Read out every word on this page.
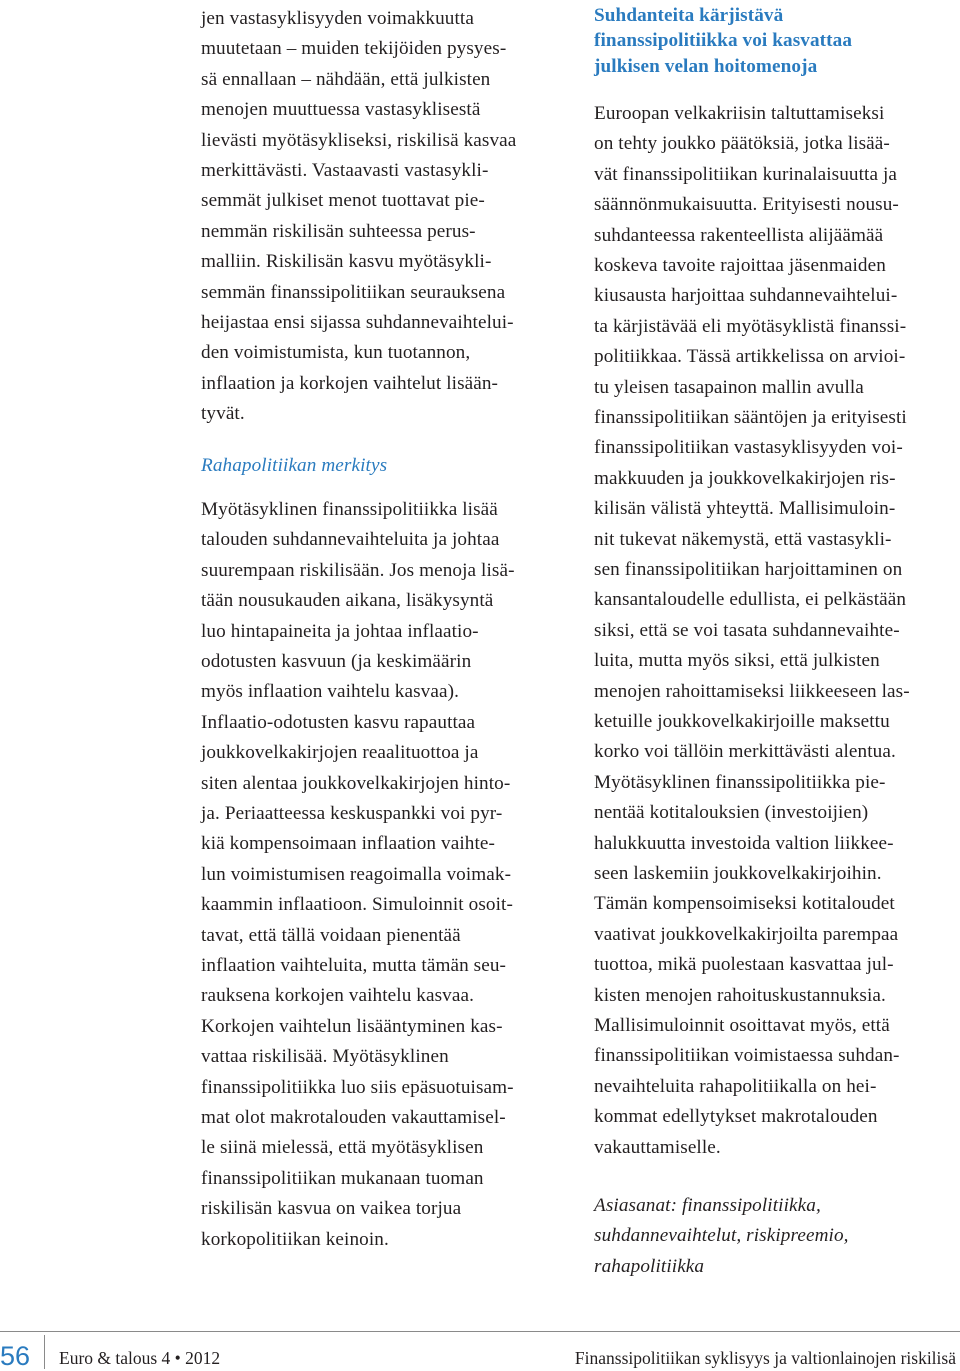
jen vastasyklisyyden voimakkuutta
muutetaan – muiden tekijöiden pysyes-
sä ennallaan – nähdään, että julkisten
menojen muuttuessa vastasyklisestä
lievästi myötäsykliseksi, riskilisä kasvaa
merkittävästi. Vastaavasti vastasykli-
semmät julkiset menot tuottavat pie-
nemmän riskilisän suhteessa perus-
malliin. Riskilisän kasvu myötäsykli-
semmän finanssipolitiikan seurauksena
heijastaa ensi sijassa suhdannevaihtelui-
den voimistumista, kun tuotannon,
inflaation ja korkojen vaihtelut lisään-
tyvät.
Rahapolitiikan merkitys
Myötäsyklinen finanssipolitiikka lisää
talouden suhdannevaihteluita ja johtaa
suurempaan riskilisään. Jos menoja lisä-
tään nousukauden aikana, lisäkysyntä
luo hintapaineita ja johtaa inflaatio-
odotusten kasvuun (ja keskimäärin
myös inflaation vaihtelu kasvaa).
Inflaatio-odotusten kasvu rapauttaa
joukkovelkakirjojen reaalituottoa ja
siten alentaa joukkovelkakirjojen hinto-
ja. Periaatteessa keskuspankki voi pyr-
kiä kompensoimaan inflaation vaihte-
lun voimistumisen reagoimalla voimak-
kaammin inflaatioon. Simuloinnit osoit-
tavat, että tällä voidaan pienentää
inflaation vaihteluita, mutta tämän seu-
rauksena korkojen vaihtelu kasvaa.
Korkojen vaihtelun lisääntyminen kas-
vattaa riskilisää. Myötäsyklinen
finanssipolitiikka luo siis epäsuotuisam-
mat olot makrotalouden vakauttamisel-
le siinä mielessä, että myötäsyklisen
finanssipolitiikan mukanaan tuoman
riskilisän kasvua on vaikea torjua
korkopolitiikan keinoin.
Suhdanteita kärjistävä
finanssipolitiikka voi kasvattaa
julkisen velan hoitomenoja
Euroopan velkakriisin taltuttamiseksi
on tehty joukko päätöksiä, jotka lisää-
vät finanssipolitiikan kurinalaisuutta ja
säännönmukaisuutta. Erityisesti nousu-
suhdanteessa rakenteellista alijäämää
koskeva tavoite rajoittaa jäsenmaiden
kiusausta harjoittaa suhdannevaihtelui-
ta kärjistävää eli myötäsyklistä finanssi-
politiikkaa. Tässä artikkelissa on arvioi-
tu yleisen tasapainon mallin avulla
finanssipolitiikan sääntöjen ja erityisesti
finanssipolitiikan vastasyklisyyden voi-
makkuuden ja joukkovelkakirjojen ris-
kilisän välistä yhteyttä. Mallisimuloin-
nit tukevat näkemystä, että vastasykli-
sen finanssipolitiikan harjoittaminen on
kansantaloudelle edullista, ei pelkästään
siksi, että se voi tasata suhdannevaihte-
luita, mutta myös siksi, että julkisten
menojen rahoittamiseksi liikkeeseen las-
ketuille joukkovelkakirjoille maksettu
korko voi tällöin merkittävästi alentua.
Myötäsyklinen finanssipolitiikka pie-
nentää kotitalouksien (investoijien)
halukkuutta investoida valtion liikkee-
seen laskemiin joukkovelkakirjoihin.
Tämän kompensoimiseksi kotitaloudet
vaativat joukkovelkakirjoilta parempaa
tuottoa, mikä puolestaan kasvattaa jul-
kisten menojen rahoituskustannuksia.
Mallisimuloinnit osoittavat myös, että
finanssipolitiikan voimistaessa suhdan-
nevaihteluita rahapolitiikalla on hei-
kommat edellytykset makrotalouden
vakauttamiselle.
Asiasanat: finanssipolitiikka,
suhdannevaihtelut, riskipreemio,
rahapolitiikka
56 Euro & talous 4 • 2012	Finanssipolitiikan syklisyys ja valtionlainojen riskilisä
